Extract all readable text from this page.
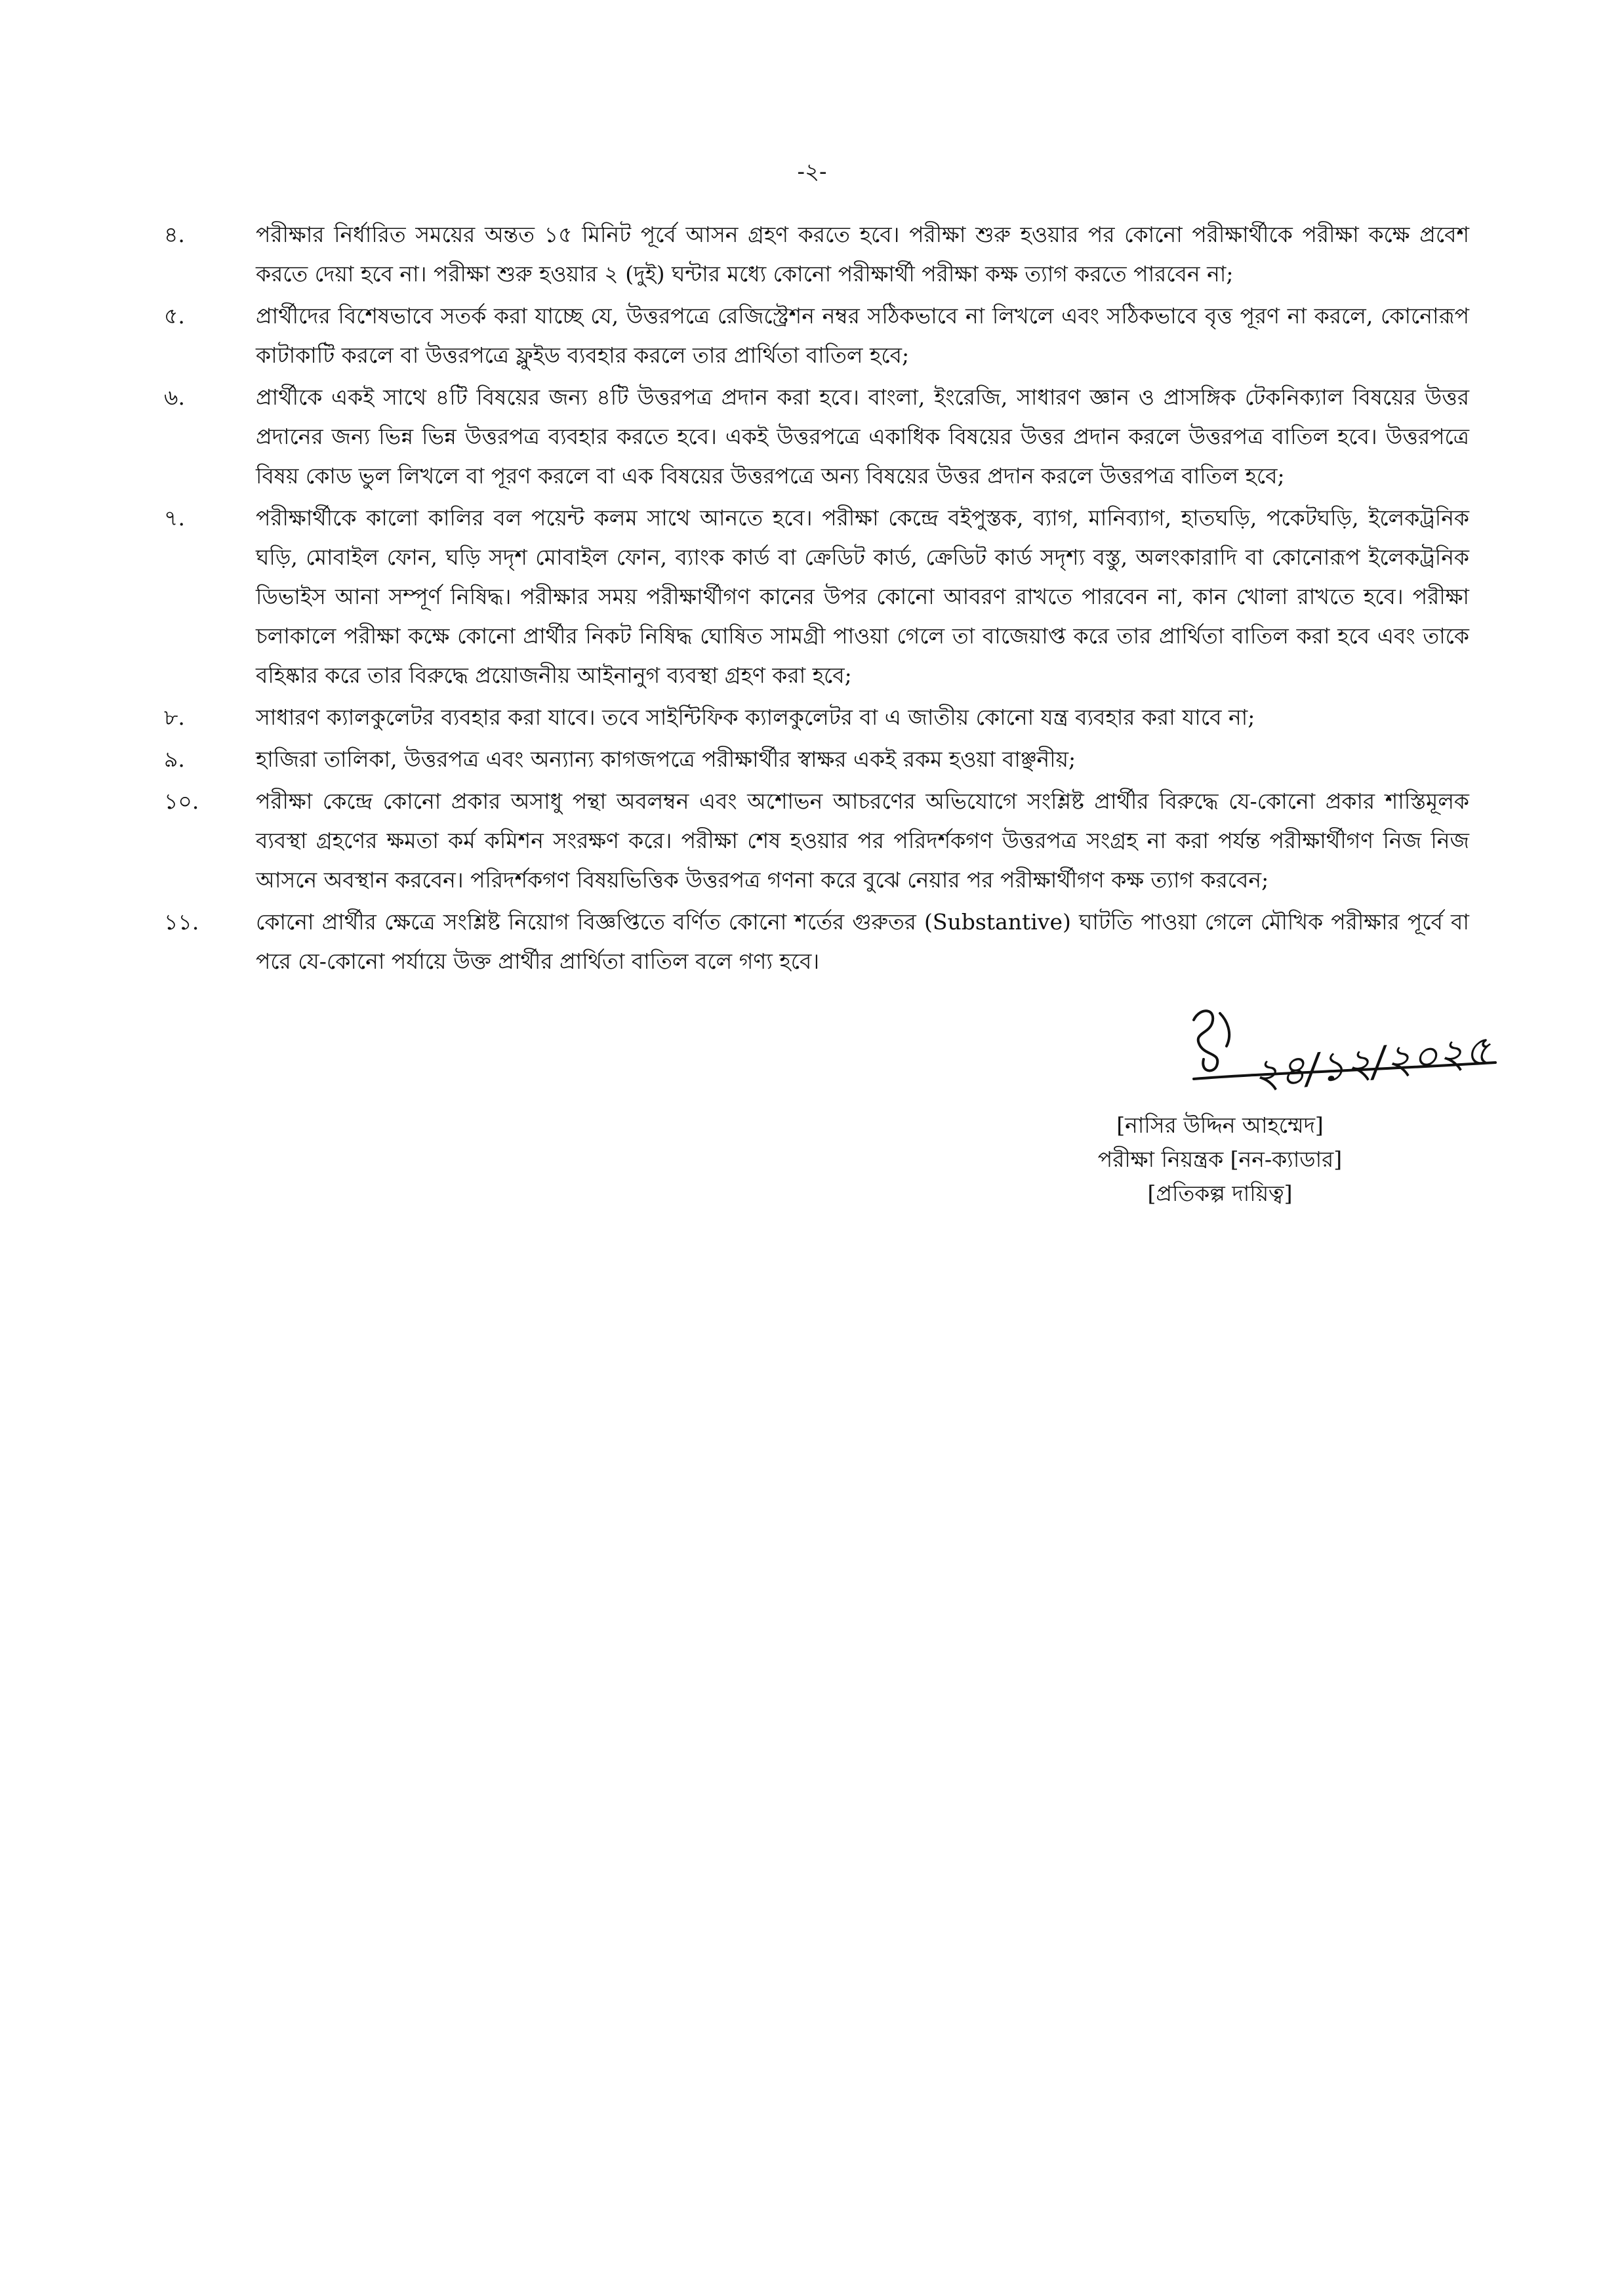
-২-
৪.	পরীক্ষার নির্ধারিত সময়ের অন্তত ১৫ মিনিট পূর্বে আসন গ্রহণ করতে হবে। পরীক্ষা শুরু হওয়ার পর কোনো পরীক্ষার্থীকে পরীক্ষা কক্ষে প্রবেশ করতে দেয়া হবে না। পরীক্ষা শুরু হওয়ার ২ (দুই) ঘন্টার মধ্যে কোনো পরীক্ষার্থী পরীক্ষা কক্ষ ত্যাগ করতে পারবেন না;
৫.	প্রার্থীদের বিশেষভাবে সতর্ক করা যাচ্ছে যে, উত্তরপত্রে রেজিস্ট্রেশন নম্বর সঠিকভাবে না লিখলে এবং সঠিকভাবে বৃত্ত পূরণ না করলে, কোনোরূপ কাটাকাটি করলে বা উত্তরপত্রে ফ্লুইড ব্যবহার করলে তার প্রার্থিতা বাতিল হবে;
৬.	প্রার্থীকে একই সাথে ৪টি বিষয়ের জন্য ৪টি উত্তরপত্র প্রদান করা হবে। বাংলা, ইংরেজি, সাধারণ জ্ঞান ও প্রাসঙ্গিক টেকনিক্যাল বিষয়ের উত্তর প্রদানের জন্য ভিন্ন ভিন্ন উত্তরপত্র ব্যবহার করতে হবে। একই উত্তরপত্রে একাধিক বিষয়ের উত্তর প্রদান করলে উত্তরপত্র বাতিল হবে। উত্তরপত্রে বিষয় কোড ভুল লিখলে বা পূরণ করলে বা এক বিষয়ের উত্তরপত্রে অন্য বিষয়ের উত্তর প্রদান করলে উত্তরপত্র বাতিল হবে;
৭.	পরীক্ষার্থীকে কালো কালির বল পয়েন্ট কলম সাথে আনতে হবে। পরীক্ষা কেন্দ্রে বইপুস্তক, ব্যাগ, মানিব্যাগ, হাতঘড়ি, পকেটঘড়ি, ইলেকট্রনিক ঘড়ি, মোবাইল ফোন, ঘড়ি সদৃশ মোবাইল ফোন, ব্যাংক কার্ড বা ক্রেডিট কার্ড, ক্রেডিট কার্ড সদৃশ্য বস্তু, অলংকারাদি বা কোনোরূপ ইলেকট্রনিক ডিভাইস আনা সম্পূর্ণ নিষিদ্ধ। পরীক্ষার সময় পরীক্ষার্থীগণ কানের উপর কোনো আবরণ রাখতে পারবেন না, কান খোলা রাখতে হবে। পরীক্ষা চলাকালে পরীক্ষা কক্ষে কোনো প্রার্থীর নিকট নিষিদ্ধ ঘোষিত সামগ্রী পাওয়া গেলে তা বাজেয়াপ্ত করে তার প্রার্থিতা বাতিল করা হবে এবং তাকে বহিষ্কার করে তার বিরুদ্ধে প্রয়োজনীয় আইনানুগ ব্যবস্থা গ্রহণ করা হবে;
৮.	সাধারণ ক্যালকুলেটর ব্যবহার করা যাবে। তবে সাইন্টিফিক ক্যালকুলেটর বা এ জাতীয় কোনো যন্ত্র ব্যবহার করা যাবে না;
৯.	হাজিরা তালিকা, উত্তরপত্র এবং অন্যান্য কাগজপত্রে পরীক্ষার্থীর স্বাক্ষর একই রকম হওয়া বাঞ্ছনীয়;
১০.	পরীক্ষা কেন্দ্রে কোনো প্রকার অসাধু পন্থা অবলম্বন এবং অশোভন আচরণের অভিযোগে সংশ্লিষ্ট প্রার্থীর বিরুদ্ধে যে-কোনো প্রকার শাস্তিমূলক ব্যবস্থা গ্রহণের ক্ষমতা কর্ম কমিশন সংরক্ষণ করে। পরীক্ষা শেষ হওয়ার পর পরিদর্শকগণ উত্তরপত্র সংগ্রহ না করা পর্যন্ত পরীক্ষার্থীগণ নিজ নিজ আসনে অবস্থান করবেন। পরিদর্শকগণ বিষয়ভিত্তিক উত্তরপত্র গণনা করে বুঝে নেয়ার পর পরীক্ষার্থীগণ কক্ষ ত্যাগ করবেন;
১১.	কোনো প্রার্থীর ক্ষেত্রে সংশ্লিষ্ট নিয়োগ বিজ্ঞপ্তিতে বর্ণিত কোনো শর্তের গুরুতর (Substantive) ঘাটতি পাওয়া গেলে মৌখিক পরীক্ষার পূর্বে বা পরে যে-কোনো পর্যায়ে উক্ত প্রার্থীর প্রার্থিতা বাতিল বলে গণ্য হবে।
২৪/১২/২০২৫
[নাসির উদ্দিন আহম্মেদ]
পরীক্ষা নিয়ন্ত্রক [নন-ক্যাডার]
[প্রতিকল্প দায়িত্ব]
